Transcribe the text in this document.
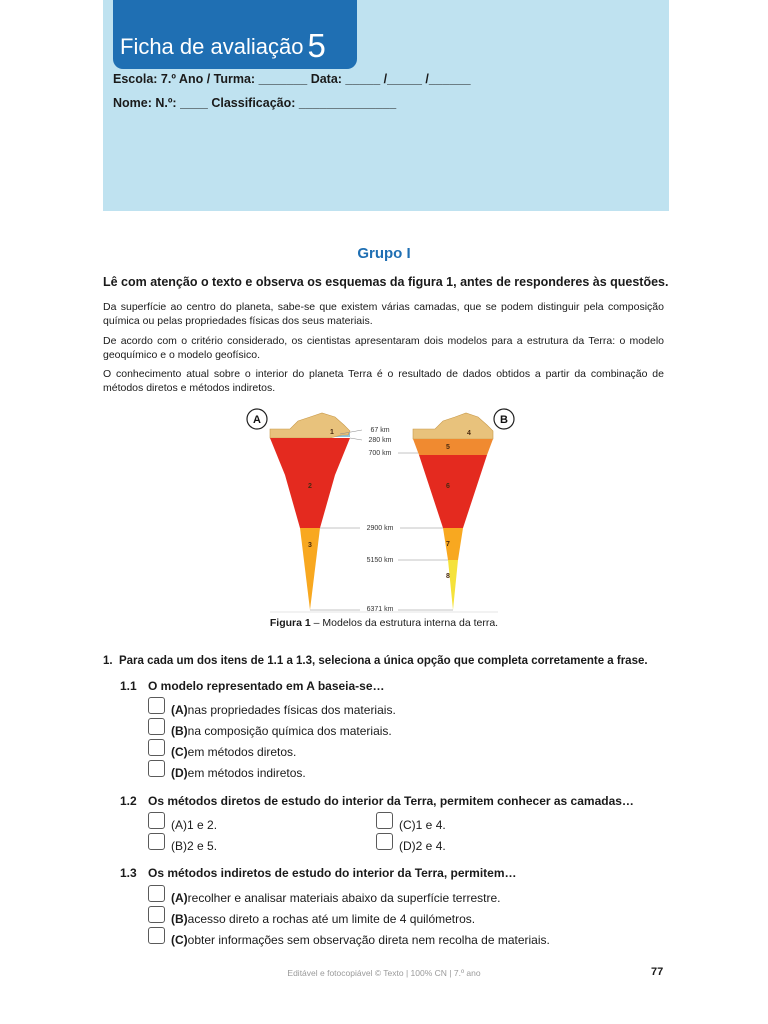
Ficha de avaliação 5
Escola: 7.º Ano / Turma: _______ Data: _____ /_____ /______
Nome: N.º: ____ Classificação: ______________
Grupo I
Lê com atenção o texto e observa os esquemas da figura 1, antes de responderes às questões.
Da superfície ao centro do planeta, sabe-se que existem várias camadas, que se podem distinguir pela composição química ou pelas propriedades físicas dos seus materiais.
De acordo com o critério considerado, os cientistas apresentaram dois modelos para a estrutura da Terra: o modelo geoquímico e o modelo geofísico.
O conhecimento atual sobre o interior do planeta Terra é o resultado de dados obtidos a partir da combinação de métodos diretos e métodos indiretos.
67 km
280 km
700 km
2900 km
5150 km
6371 km
1
2
3
4
5
6
7
8
A	B
Figura 1 – Modelos da estrutura interna da terra.
1. Para cada um dos itens de 1.1 a 1.3, seleciona a única opção que completa corretamente a frase.
1.1 O modelo representado em A baseia-se…
(A) nas propriedades físicas dos materiais.
(B) na composição química dos materiais.
(C) em métodos diretos.
(D) em métodos indiretos.
1.2 Os métodos diretos de estudo do interior da Terra, permitem conhecer as camadas…
(A) 1 e 2.
(B) 2 e 5.
(C) 1 e 4.
(D) 2 e 4.
1.3 Os métodos indiretos de estudo do interior da Terra, permitem…
(A) recolher e analisar materiais abaixo da superfície terrestre.
(B) acesso direto a rochas até um limite de 4 quilómetros.
(C) obter informações sem observação direta nem recolha de materiais.
Editável e fotocopiável © Texto | 100% CN | 7.º ano	77
